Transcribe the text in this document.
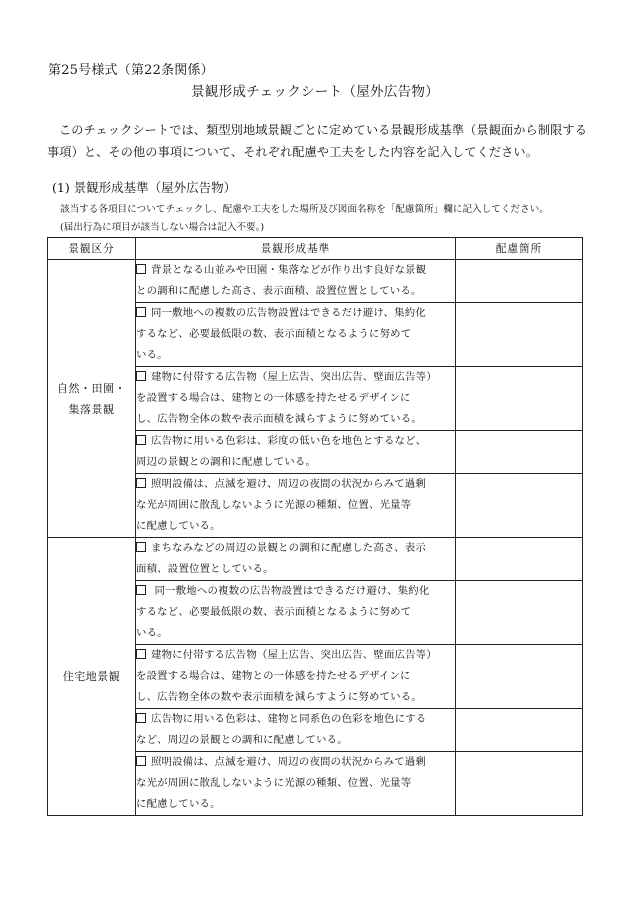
第25号様式（第22条関係）
景観形成チェックシート（屋外広告物）
このチェックシートでは、類型別地域景観ごとに定めている景観形成基準（景観面から制限する事項）と、その他の事項について、それぞれ配慮や工夫をした内容を記入してください。
(1) 景観形成基準（屋外広告物）
該当する各項目についてチェックし、配慮や工夫をした場所及び図面名称を「配慮箇所」欄に記入してください。
(届出行為に項目が該当しない場合は記入不要。)
景観区分	景観形成基準	配慮箇所

自然・田園・
集落景観	背景となる山並みや田園・集落などが作り出す良好な景観
との調和に配慮した高さ、表示面積、設置位置としている。	

	同一敷地への複数の広告物設置はできるだけ避け、集約化
するなど、必要最低限の数、表示面積となるように努めて
いる。	

	建物に付帯する広告物（屋上広告、突出広告、壁面広告等）
を設置する場合は、建物との一体感を持たせるデザインに
し、広告物全体の数や表示面積を減らすように努めている。	

	広告物に用いる色彩は、彩度の低い色を地色とするなど、
周辺の景観との調和に配慮している。	

	照明設備は、点滅を避け、周辺の夜間の状況からみて過剰
な光が周囲に散乱しないように光源の種類、位置、光量等
に配慮している。	

住宅地景観	まちなみなどの周辺の景観との調和に配慮した高さ、表示
面積、設置位置としている。	

	同一敷地への複数の広告物設置はできるだけ避け、集約化
するなど、必要最低限の数、表示面積となるように努めて
いる。	

	建物に付帯する広告物（屋上広告、突出広告、壁面広告等）
を設置する場合は、建物との一体感を持たせるデザインに
し、広告物全体の数や表示面積を減らすように努めている。	

	広告物に用いる色彩は、建物と同系色の色彩を地色にする
など、周辺の景観との調和に配慮している。	

	照明設備は、点滅を避け、周辺の夜間の状況からみて過剰
な光が周囲に散乱しないように光源の種類、位置、光量等
に配慮している。	
